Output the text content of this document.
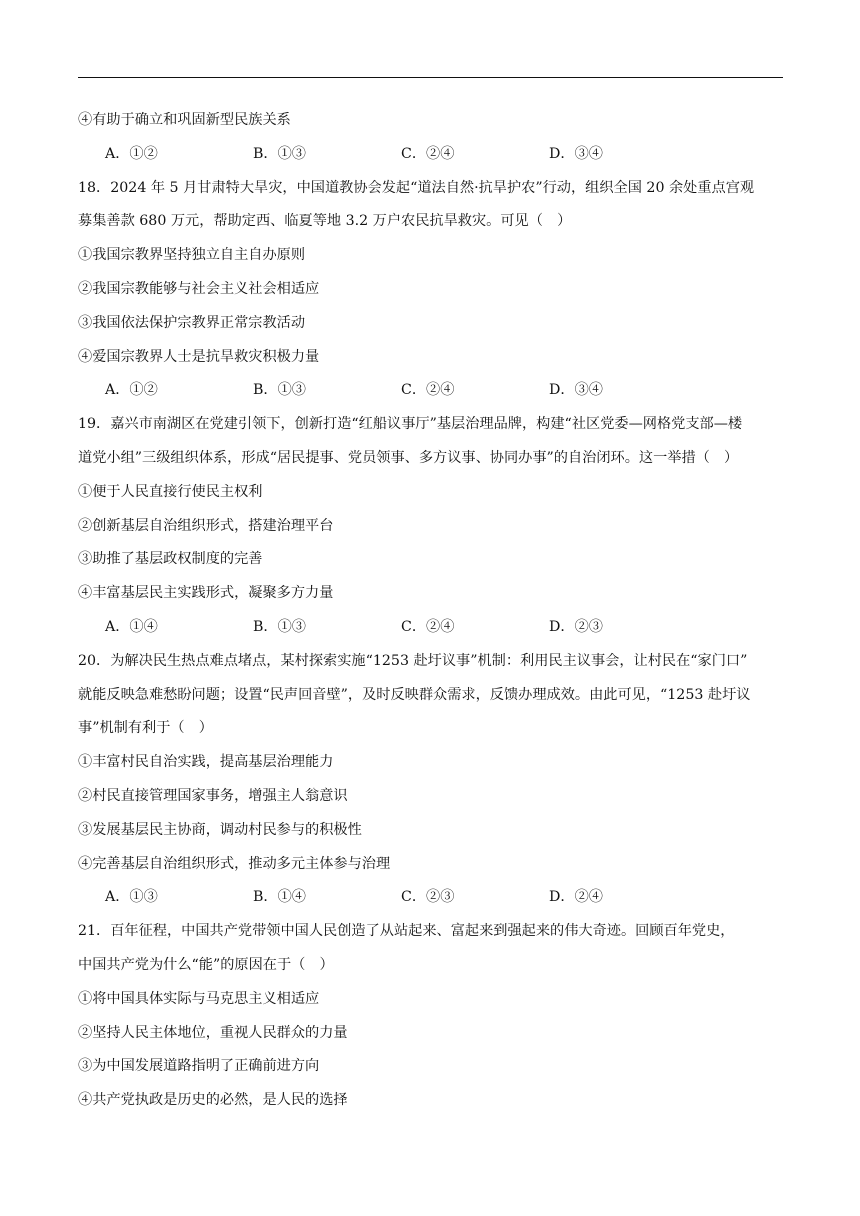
④有助于确立和巩固新型民族关系
A．①②	B．①③	C．②④	D．③④
18．2024 年 5 月甘肃特大旱灾，中国道教协会发起“道法自然·抗旱护农”行动，组织全国 20 余处重点宫观
募集善款 680 万元，帮助定西、临夏等地 3.2 万户农民抗旱救灾。可见（　）
①我国宗教界坚持独立自主自办原则
②我国宗教能够与社会主义社会相适应
③我国依法保护宗教界正常宗教活动
④爱国宗教界人士是抗旱救灾积极力量
A．①②	B．①③	C．②④	D．③④
19．嘉兴市南湖区在党建引领下，创新打造“红船议事厅”基层治理品牌，构建“社区党委—网格党支部—楼
道党小组”三级组织体系，形成“居民提事、党员领事、多方议事、协同办事”的自治闭环。这一举措（　）
①便于人民直接行使民主权利
②创新基层自治组织形式，搭建治理平台
③助推了基层政权制度的完善
④丰富基层民主实践形式，凝聚多方力量
A．①④	B．①③	C．②④	D．②③
20．为解决民生热点难点堵点，某村探索实施“1253 赴圩议事”机制：利用民主议事会，让村民在“家门口”
就能反映急难愁盼问题；设置“民声回音壁”，及时反映群众需求，反馈办理成效。由此可见，“1253 赴圩议
事”机制有利于（　）
①丰富村民自治实践，提高基层治理能力
②村民直接管理国家事务，增强主人翁意识
③发展基层民主协商，调动村民参与的积极性
④完善基层自治组织形式，推动多元主体参与治理
A．①③	B．①④	C．②③	D．②④
21．百年征程，中国共产党带领中国人民创造了从站起来、富起来到强起来的伟大奇迹。回顾百年党史，
中国共产党为什么“能”的原因在于（　）
①将中国具体实际与马克思主义相适应
②坚持人民主体地位，重视人民群众的力量
③为中国发展道路指明了正确前进方向
④共产党执政是历史的必然，是人民的选择
